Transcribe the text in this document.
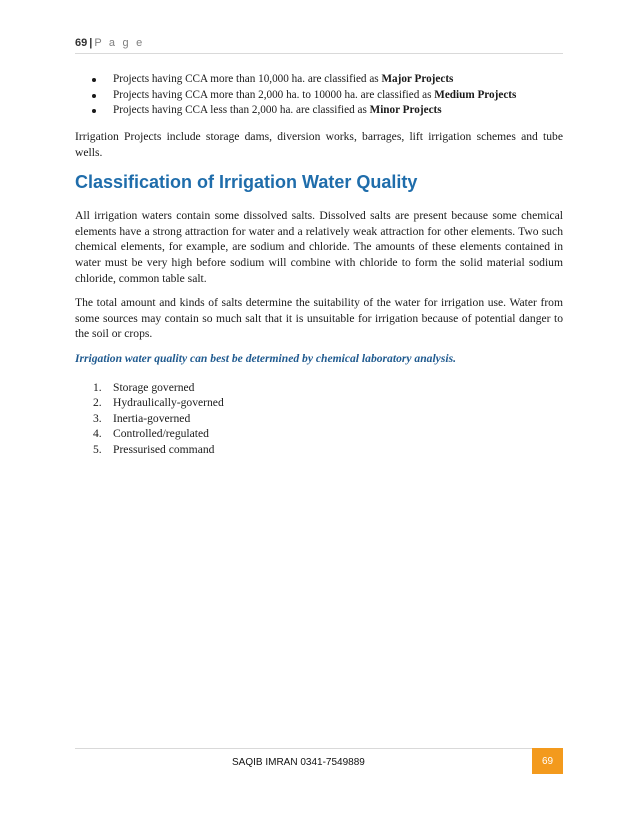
69 | P a g e
Projects having CCA more than 10,000 ha. are classified as Major Projects
Projects having CCA more than 2,000 ha. to 10000 ha. are classified as Medium Projects
Projects having CCA less than 2,000 ha. are classified as Minor Projects

Irrigation Projects include storage dams, diversion works, barrages, lift irrigation schemes and tube wells.

Classification of Irrigation Water Quality

All irrigation waters contain some dissolved salts. Dissolved salts are present because some chemical elements have a strong attraction for water and a relatively weak attraction for other elements. Two such chemical elements, for example, are sodium and chloride. The amounts of these elements contained in water must be very high before sodium will combine with chloride to form the solid material sodium chloride, common table salt.

The total amount and kinds of salts determine the suitability of the water for irrigation use. Water from some sources may contain so much salt that it is unsuitable for irrigation because of potential danger to the soil or crops.

Irrigation water quality can best be determined by chemical laboratory analysis.

1. Storage governed
2. Hydraulically-governed
3. Inertia-governed
4. Controlled/regulated
5. Pressurised command
SAQIB IMRAN 0341-7549889	69
